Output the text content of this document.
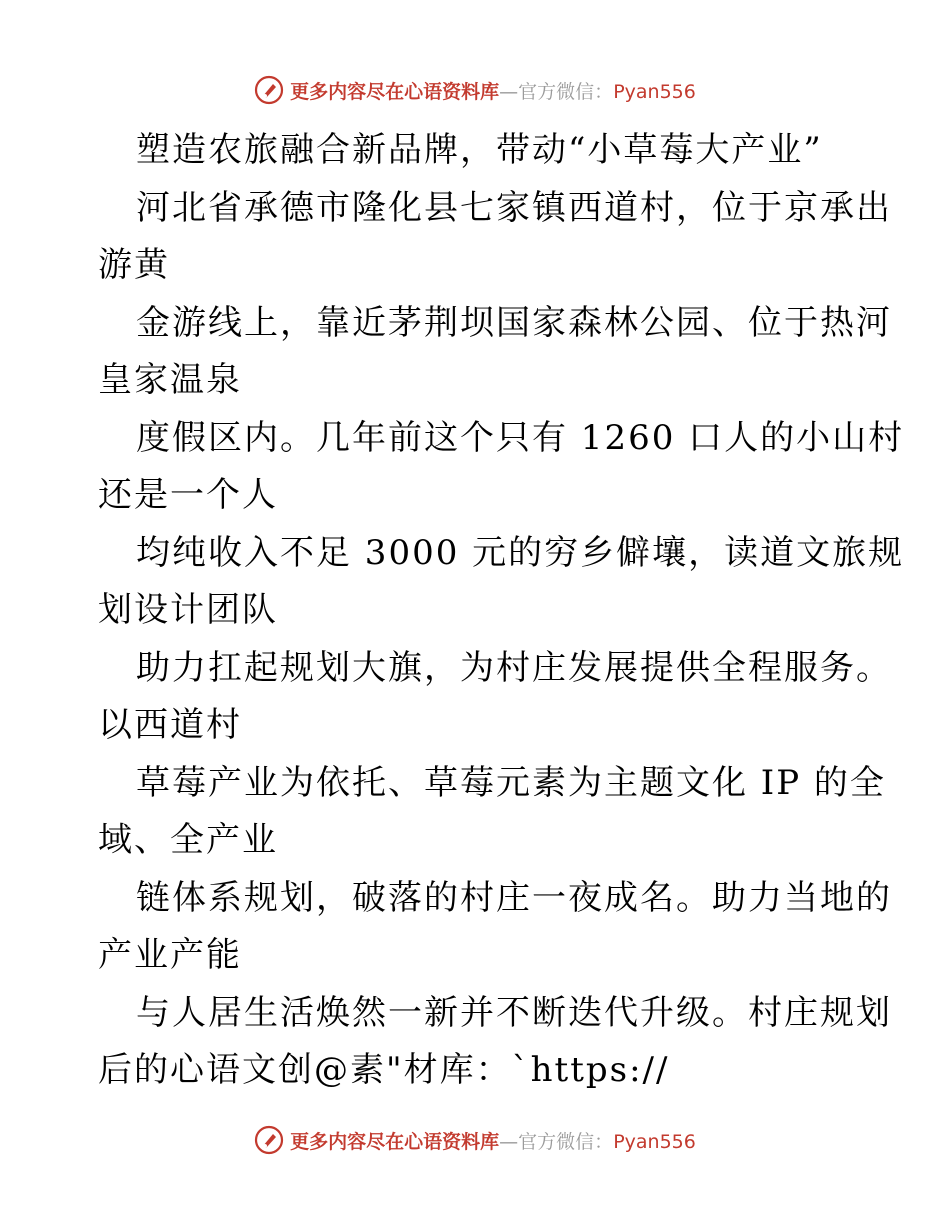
更多内容尽在心语资料库—官方微信：Pyan556
塑造农旅融合新品牌，带动“小草莓大产业”
河北省承德市隆化县七家镇西道村，位于京承出
游黄
金游线上，靠近茅荆坝国家森林公园、位于热河
皇家温泉
度假区内。几年前这个只有 1260 口人的小山村
还是一个人
均纯收入不足 3000 元的穷乡僻壤，读道文旅规
划设计团队
助力扛起规划大旗，为村庄发展提供全程服务。
以西道村
草莓产业为依托、草莓元素为主题文化 IP 的全
域、全产业
链体系规划，破落的村庄一夜成名。助力当地的
产业产能
与人居生活焕然一新并不断迭代升级。村庄规划
后的心语文创@素"材库：`https://
更多内容尽在心语资料库—官方微信：Pyan556
